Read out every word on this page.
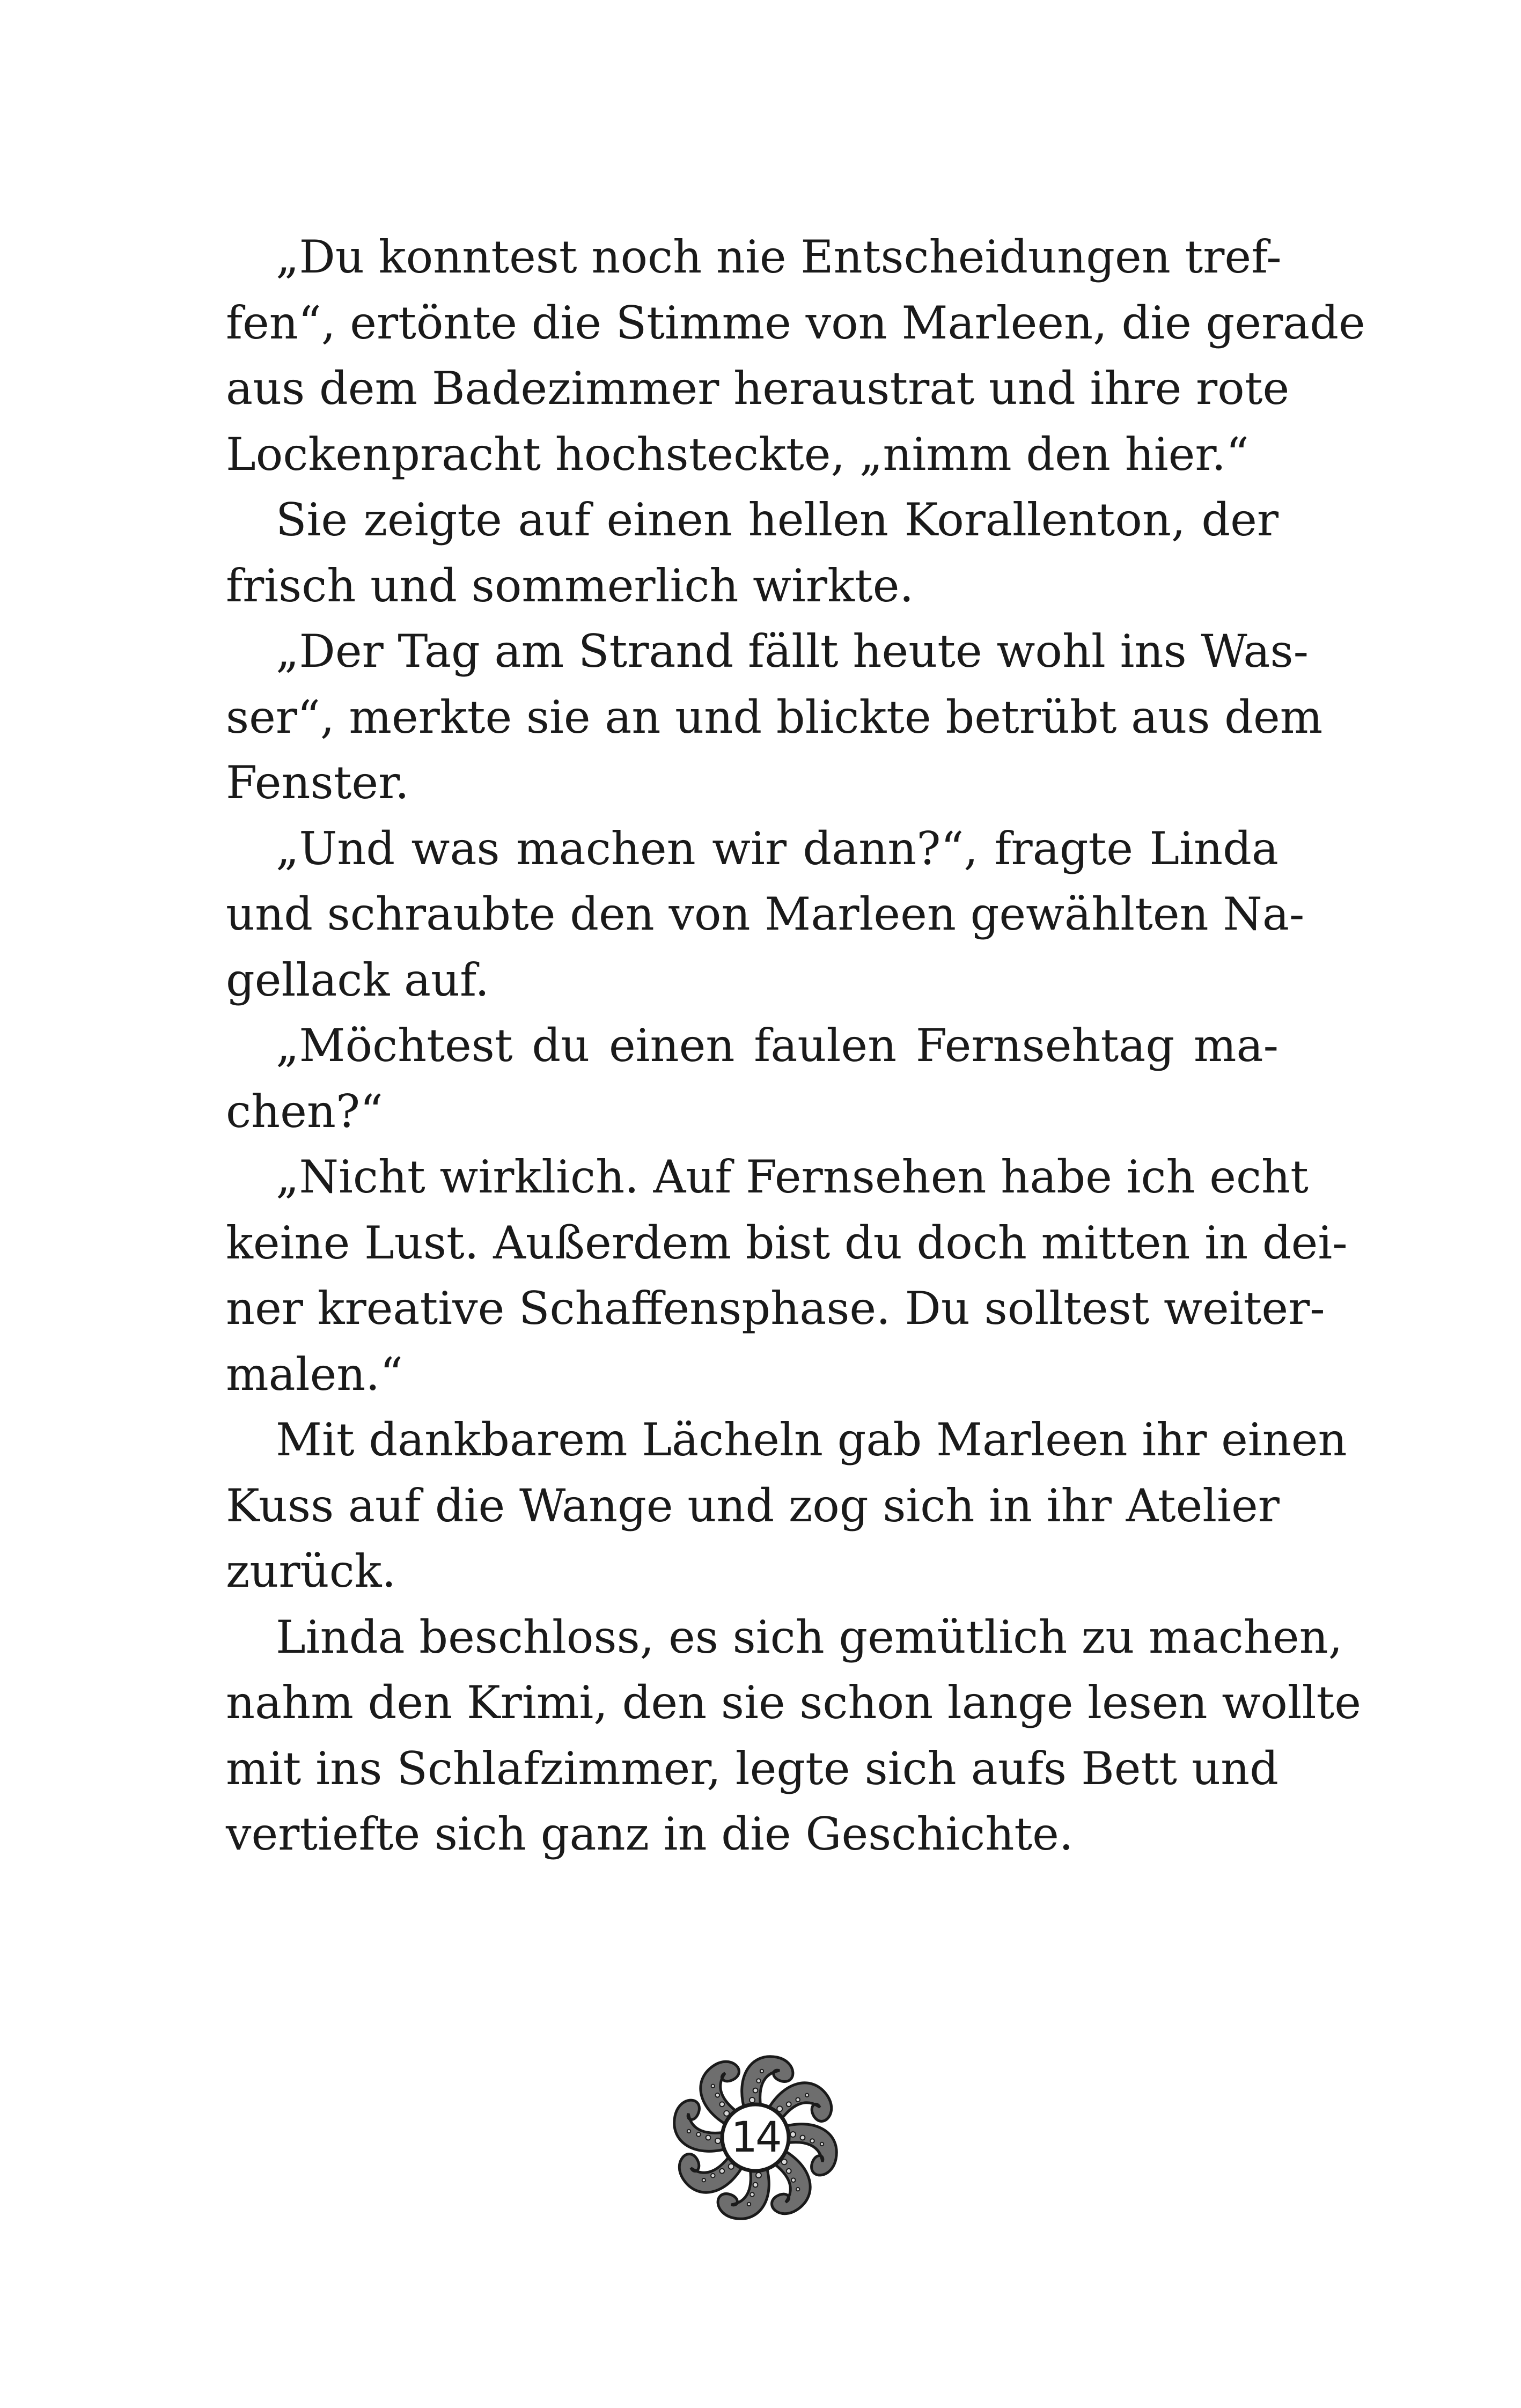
„Du konntest noch nie Entscheidungen tref-
fen“, ertönte die Stimme von Marleen, die gerade
aus dem Badezimmer heraustrat und ihre rote
Lockenpracht hochsteckte, „nimm den hier.“
Sie zeigte auf einen hellen Korallenton, der
frisch und sommerlich wirkte.
„Der Tag am Strand fällt heute wohl ins Was-
ser“, merkte sie an und blickte betrübt aus dem
Fenster.
„Und was machen wir dann?“, fragte Linda
und schraubte den von Marleen gewählten Na-
gellack auf.
„Möchtest du einen faulen Fernsehtag ma-
chen?“
„Nicht wirklich. Auf Fernsehen habe ich echt
keine Lust. Außerdem bist du doch mitten in dei-
ner kreative Schaffensphase. Du solltest weiter-
malen.“
Mit dankbarem Lächeln gab Marleen ihr einen
Kuss auf die Wange und zog sich in ihr Atelier
zurück.
Linda beschloss, es sich gemütlich zu machen,
nahm den Krimi, den sie schon lange lesen wollte
mit ins Schlafzimmer, legte sich aufs Bett und
vertiefte sich ganz in die Geschichte.
14
